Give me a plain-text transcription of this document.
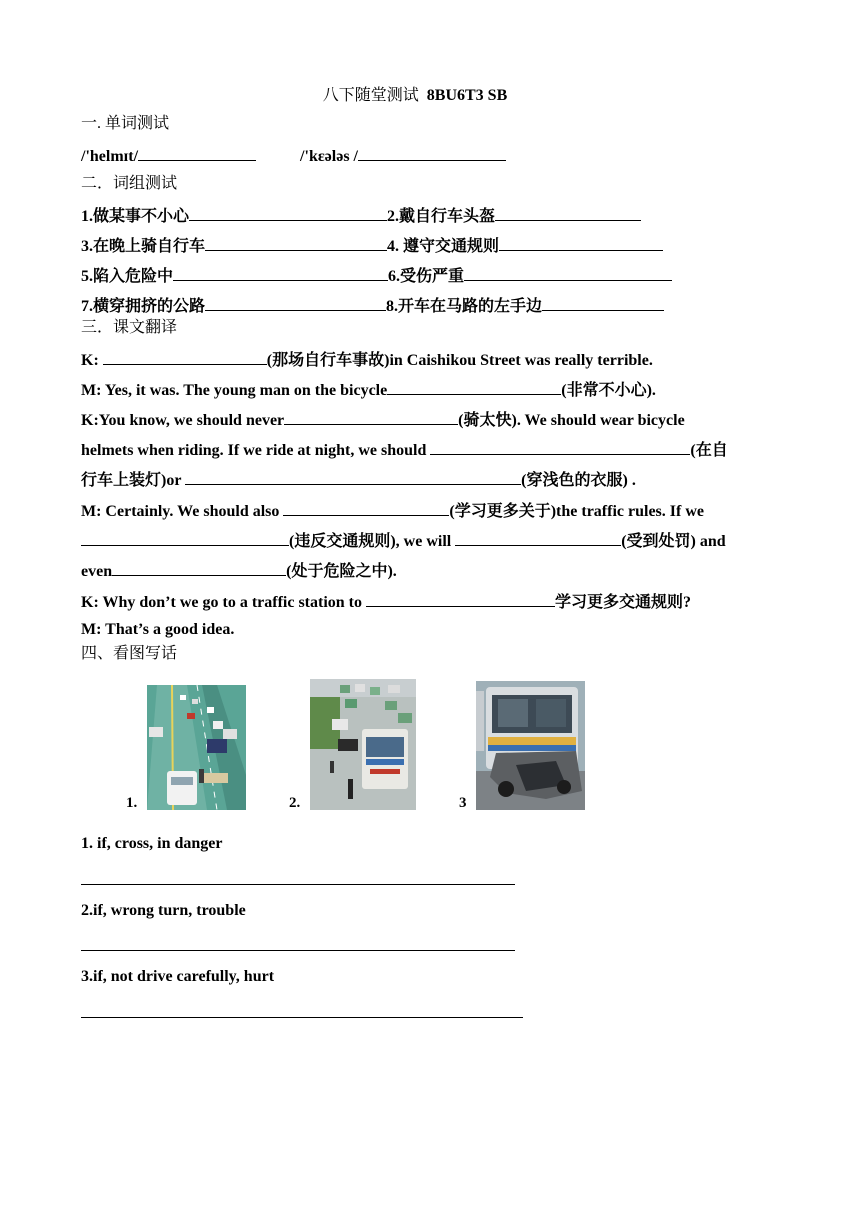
八下随堂测试 8BU6T3 SB
一. 单词测试
/'helmɪt/	/'kɛələs /
二．词组测试
1.做某事不小心	2.戴自行车头盔
3.在晚上骑自行车	4. 遵守交通规则
5.陷入危险中	6.受伤严重
7.横穿拥挤的公路	8.开车在马路的左手边
三．课文翻译
K:	(那场自行车事故)in Caishikou Street was really terrible.
M: Yes, it was. The young man on the bicycle	(非常不小心).
K:You know, we should never	(骑太快). We should wear bicycle
helmets when riding. If we ride at night, we should	(在自
行车上装灯)or	(穿浅色的衣服) .
M: Certainly. We should also	(学习更多关于)the traffic rules. If we
(违反交通规则), we will	(受到处罚) and
even	(处于危险之中).
K: Why don’t we go to a traffic station to	学习更多交通规则?
M: That’s a good idea.
四、看图写话
1.	2.	3
1. if, cross, in danger
2.if, wrong turn, trouble
3.if, not drive carefully, hurt
